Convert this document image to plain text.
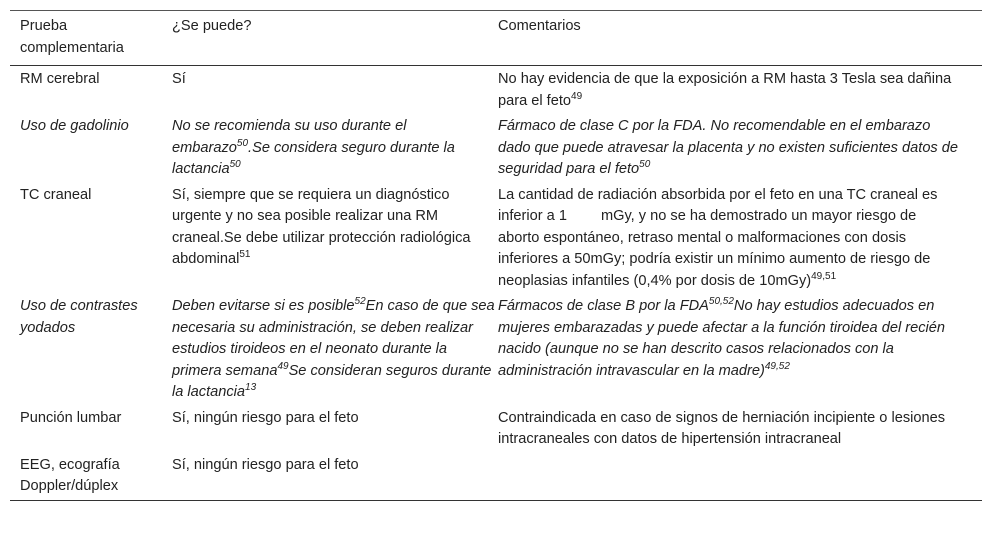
Prueba complementaria	¿Se puede?	Comentarios
RM cerebral	Sí	No hay evidencia de que la exposición a RM hasta 3 Tesla sea dañina para el feto$^{49}$
Uso de gadolinio	No se recomienda su uso durante el embarazo$^{50}$.Se considera seguro durante la lactancia$^{50}$	Fármaco de clase C por la FDA. No recomendable en el embarazo dado que puede atravesar la placenta y no existen suficientes datos de seguridad para el feto$^{50}$
TC craneal	Sí, siempre que se requiera un diagnóstico urgente y no sea posible realizar una RM craneal.Se debe utilizar protección radiológica abdominal$^{51}$	La cantidad de radiación absorbida por el feto en una TC craneal es inferior a 1 mGy, y no se ha demostrado un mayor riesgo de aborto espontáneo, retraso mental o malformaciones con dosis inferiores a 50mGy; podría existir un mínimo aumento de riesgo de neoplasias infantiles (0,4% por dosis de 10mGy)$^{49,51}$
Uso de contrastes yodados	Deben evitarse si es posible$^{52}$En caso de que sea necesaria su administración, se deben realizar estudios tiroideos en el neonato durante la primera semana$^{49}$Se consideran seguros durante la lactancia$^{13}$	Fármacos de clase B por la FDA$^{50,52}$No hay estudios adecuados en mujeres embarazadas y puede afectar a la función tiroidea del recién nacido (aunque no se han descrito casos relacionados con la administración intravascular en la madre)$^{49,52}$
Punción lumbar	Sí, ningún riesgo para el feto	Contraindicada en caso de signos de herniación incipiente o lesiones intracraneales con datos de hipertensión intracraneal
EEG, ecografía Doppler/dúplex	Sí, ningún riesgo para el feto	
